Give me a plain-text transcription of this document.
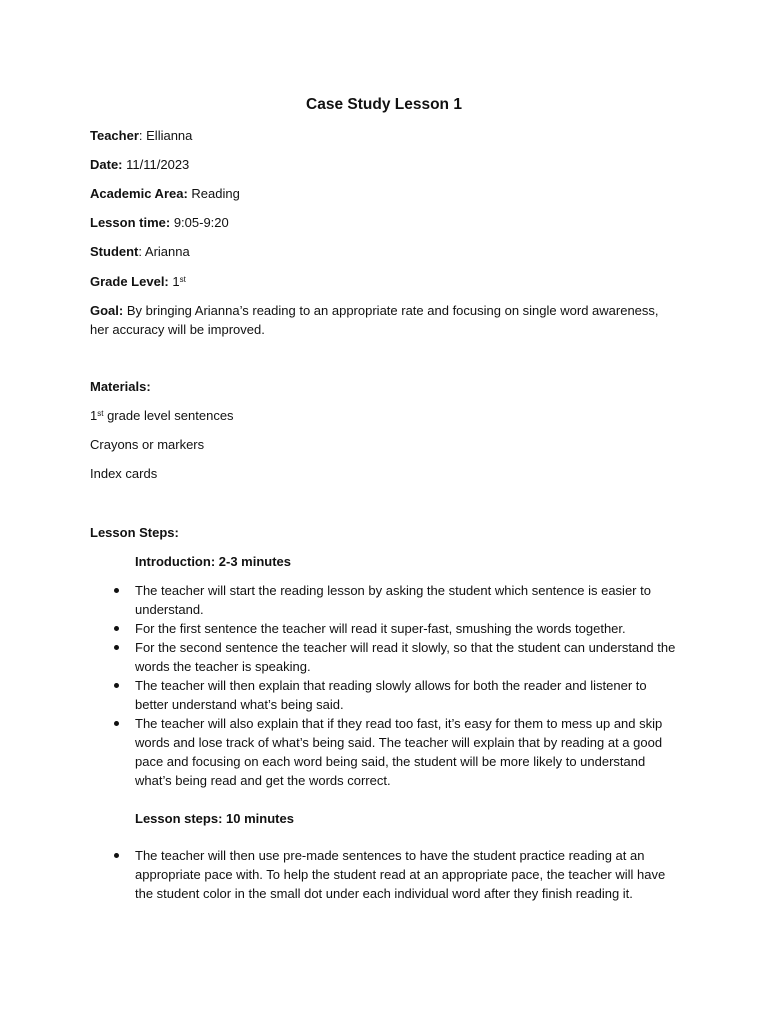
Case Study Lesson 1
Teacher: Ellianna
Date: 11/11/2023
Academic Area: Reading
Lesson time: 9:05-9:20
Student: Arianna
Grade Level: 1st
Goal: By bringing Arianna’s reading to an appropriate rate and focusing on single word awareness, her accuracy will be improved.
Materials:
1st grade level sentences
Crayons or markers
Index cards
Lesson Steps:
Introduction: 2-3 minutes
The teacher will start the reading lesson by asking the student which sentence is easier to understand.
For the first sentence the teacher will read it super-fast, smushing the words together.
For the second sentence the teacher will read it slowly, so that the student can understand the words the teacher is speaking.
The teacher will then explain that reading slowly allows for both the reader and listener to better understand what’s being said.
The teacher will also explain that if they read too fast, it’s easy for them to mess up and skip words and lose track of what’s being said. The teacher will explain that by reading at a good pace and focusing on each word being said, the student will be more likely to understand what’s being read and get the words correct.
Lesson steps: 10 minutes
The teacher will then use pre-made sentences to have the student practice reading at an appropriate pace with. To help the student read at an appropriate pace, the teacher will have the student color in the small dot under each individual word after they finish reading it.
